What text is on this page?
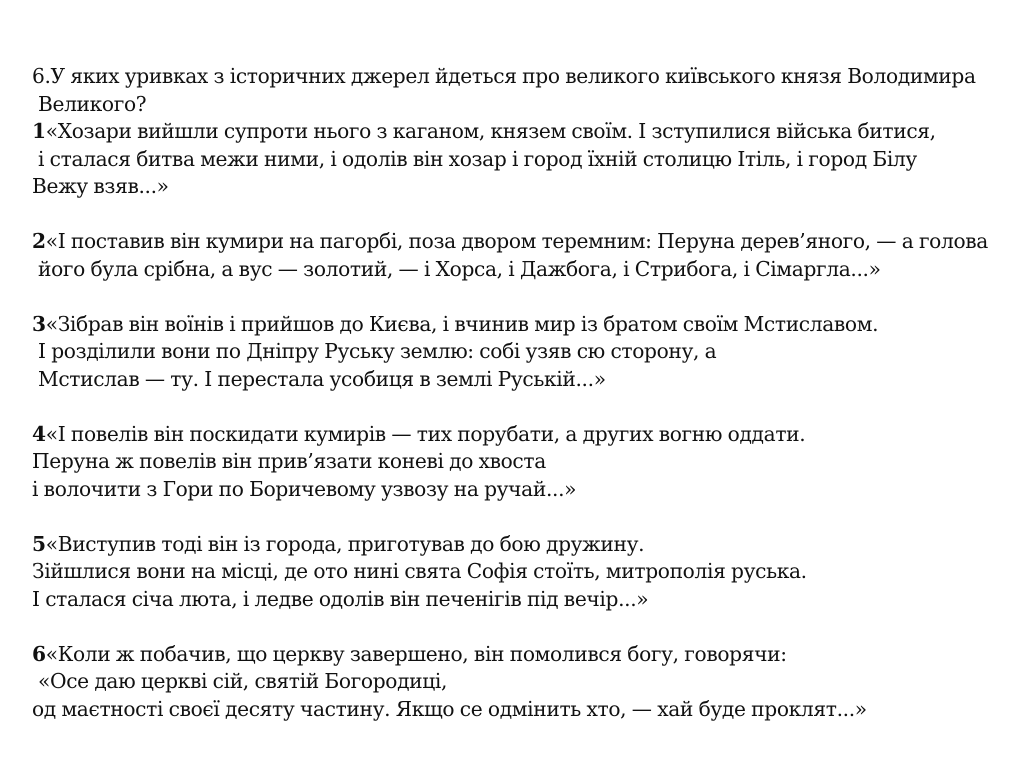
6.У яких уривках з історичних джерел йдеться про великого київського князя Володимира
Великого?
1«Хозари вийшли супроти нього з каганом, князем своїм. І зступилися війська битися,
і сталася битва межи ними, і одолів він хозар і город їхній столицю Ітіль, і город Білу
Вежу взяв...»
2«І поставив він кумири на пагорбі, поза двором теремним: Перуна дерев’яного, — а голова
його була срібна, а вус — золотий, — і Хорса, і Дажбога, і Стрибога, і Сімаргла...»
3«Зібрав він воїнів і прийшов до Києва, і вчинив мир із братом своїм Мстиславом.
І розділили вони по Дніпру Руську землю: собі узяв сю сторону, а
Мстислав — ту. І перестала усобиця в землі Руській...»
4«І повелів він поскидати кумирів — тих порубати, а других вогню оддати.
Перуна ж повелів він прив’язати коневі до хвоста
і волочити з Гори по Боричевому узвозу на ручай...»
5«Виступив тоді він із города, приготував до бою дружину.
Зійшлися вони на місці, де ото нині свята Софія стоїть, митрополія руська.
І сталася січа люта, і ледве одолів він печенігів під вечір...»
6«Коли ж побачив, що церкву завершено, він помолився богу, говорячи:
«Осе даю церкві сій, святій Богородиці,
од маєтності своєї десяту частину. Якщо се одмінить хто, — хай буде проклят...»
